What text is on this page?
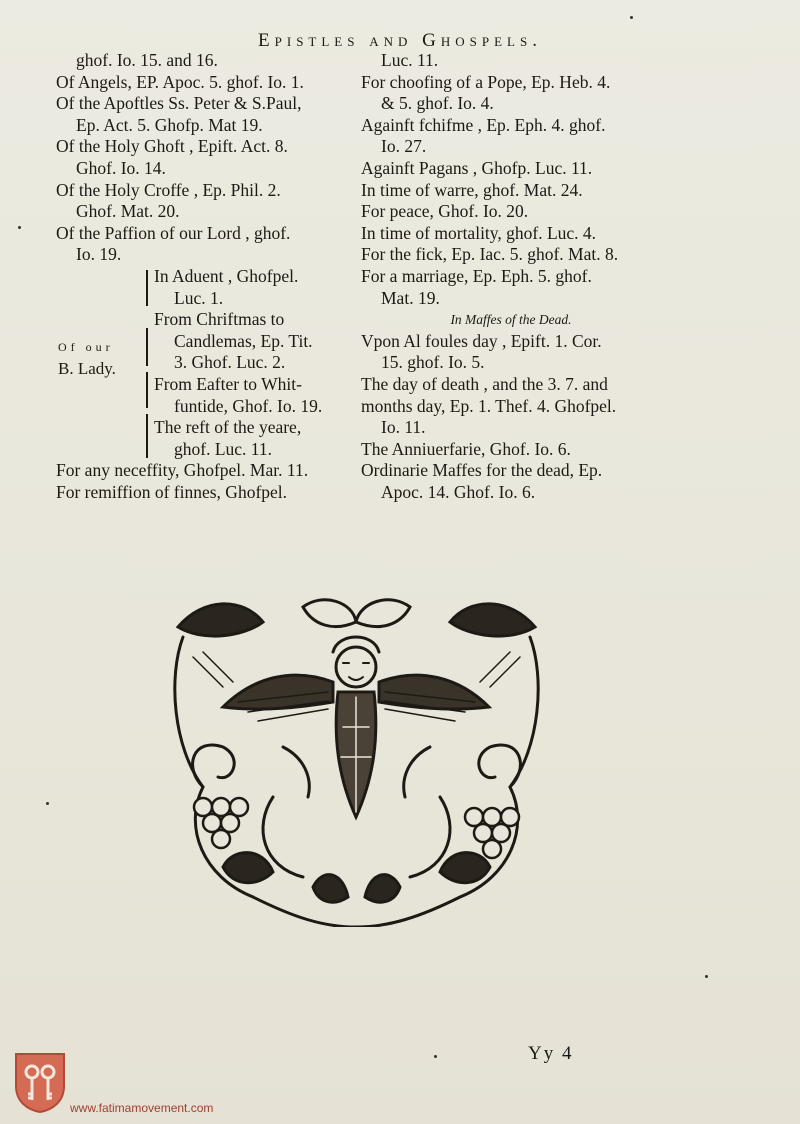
Epistles and Ghospels.
ghof. Io. 15. and 16.
Of Angels, EP. Apoc. 5. ghof. Io. 1.
Of the Apoftles Ss. Peter & S.Paul,
Ep. Act. 5. Ghofp. Mat 19.
Of the Holy Ghoft , Epift. Act. 8.
Ghof. Io. 14.
Of the Holy Croffe , Ep. Phil. 2.
Ghof. Mat. 20.
Of the Paffion of our Lord , ghof.
Io. 19.
Of our
B. Lady.
In Aduent , Ghofpel.
Luc. 1.
From Chriftmas to
Candlemas, Ep. Tit.
3. Ghof. Luc. 2.
From Eafter to Whit-
funtide, Ghof. Io. 19.
The reft of the yeare,
ghof. Luc. 11.
For any neceffity, Ghofpel. Mar. 11.
For remiffion of finnes, Ghofpel.
Luc. 11.
For choofing of a Pope, Ep. Heb. 4.
& 5. ghof. Io. 4.
Againft fchifme , Ep. Eph. 4. ghof.
Io. 27.
Againft Pagans , Ghofp. Luc. 11.
In time of warre, ghof. Mat. 24.
For peace, Ghof. Io. 20.
In time of mortality, ghof. Luc. 4.
For the fick, Ep. Iac. 5. ghof. Mat. 8.
For a marriage, Ep. Eph. 5. ghof.
Mat. 19.
In Maffes of the Dead.
Vpon Al foules day , Epift. 1. Cor.
15. ghof. Io. 5.
The day of death , and the 3. 7. and
months day, Ep. 1. Thef. 4. Ghofpel.
Io. 11.
The Anniuerfarie, Ghof. Io. 6.
Ordinarie Maffes for the dead, Ep.
Apoc. 14. Ghof. Io. 6.
Yy 4
www.fatimamovement.com
